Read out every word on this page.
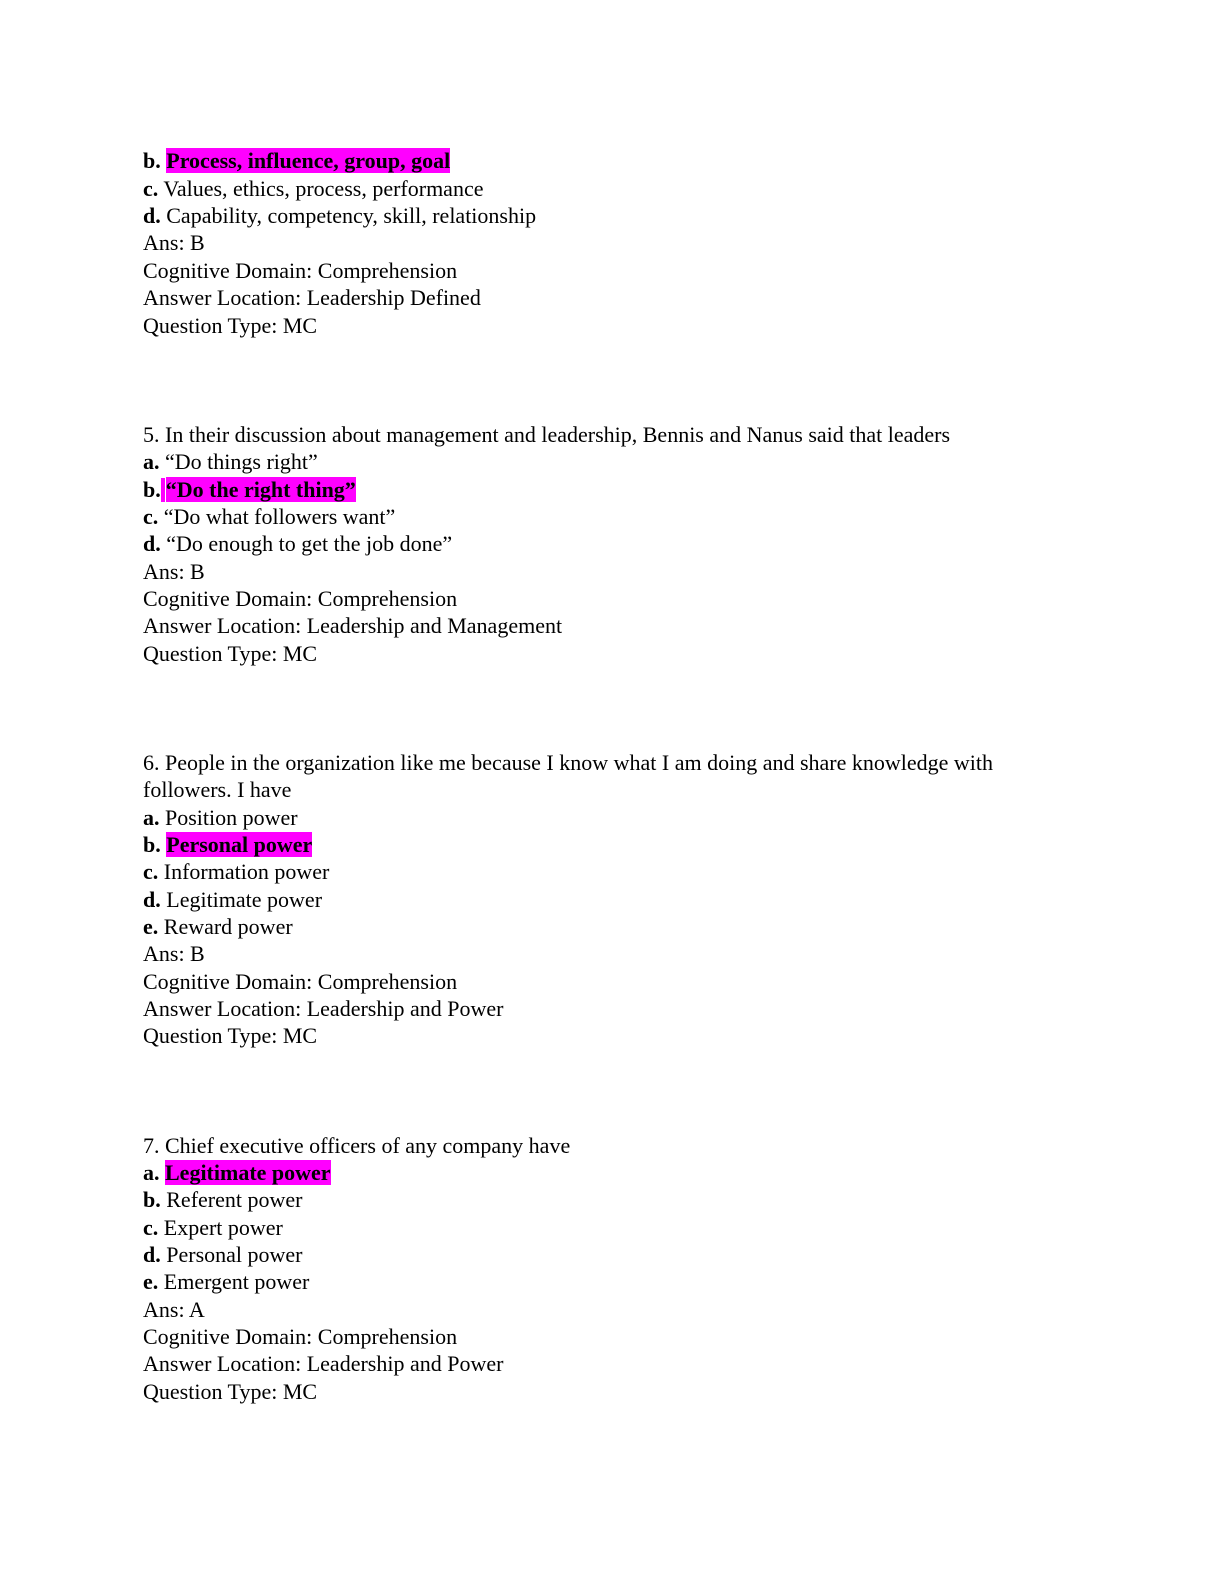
b. Process, influence, group, goal
c. Values, ethics, process, performance
d. Capability, competency, skill, relationship
Ans: B
Cognitive Domain: Comprehension
Answer Location: Leadership Defined
Question Type: MC
5. In their discussion about management and leadership, Bennis and Nanus said that leaders
a. “Do things right”
b. “Do the right thing”
c. “Do what followers want”
d. “Do enough to get the job done”
Ans: B
Cognitive Domain: Comprehension
Answer Location: Leadership and Management
Question Type: MC
6. People in the organization like me because I know what I am doing and share knowledge with
followers. I have
a. Position power
b. Personal power
c. Information power
d. Legitimate power
e. Reward power
Ans: B
Cognitive Domain: Comprehension
Answer Location: Leadership and Power
Question Type: MC
7. Chief executive officers of any company have
a. Legitimate power
b. Referent power
c. Expert power
d. Personal power
e. Emergent power
Ans: A
Cognitive Domain: Comprehension
Answer Location: Leadership and Power
Question Type: MC
